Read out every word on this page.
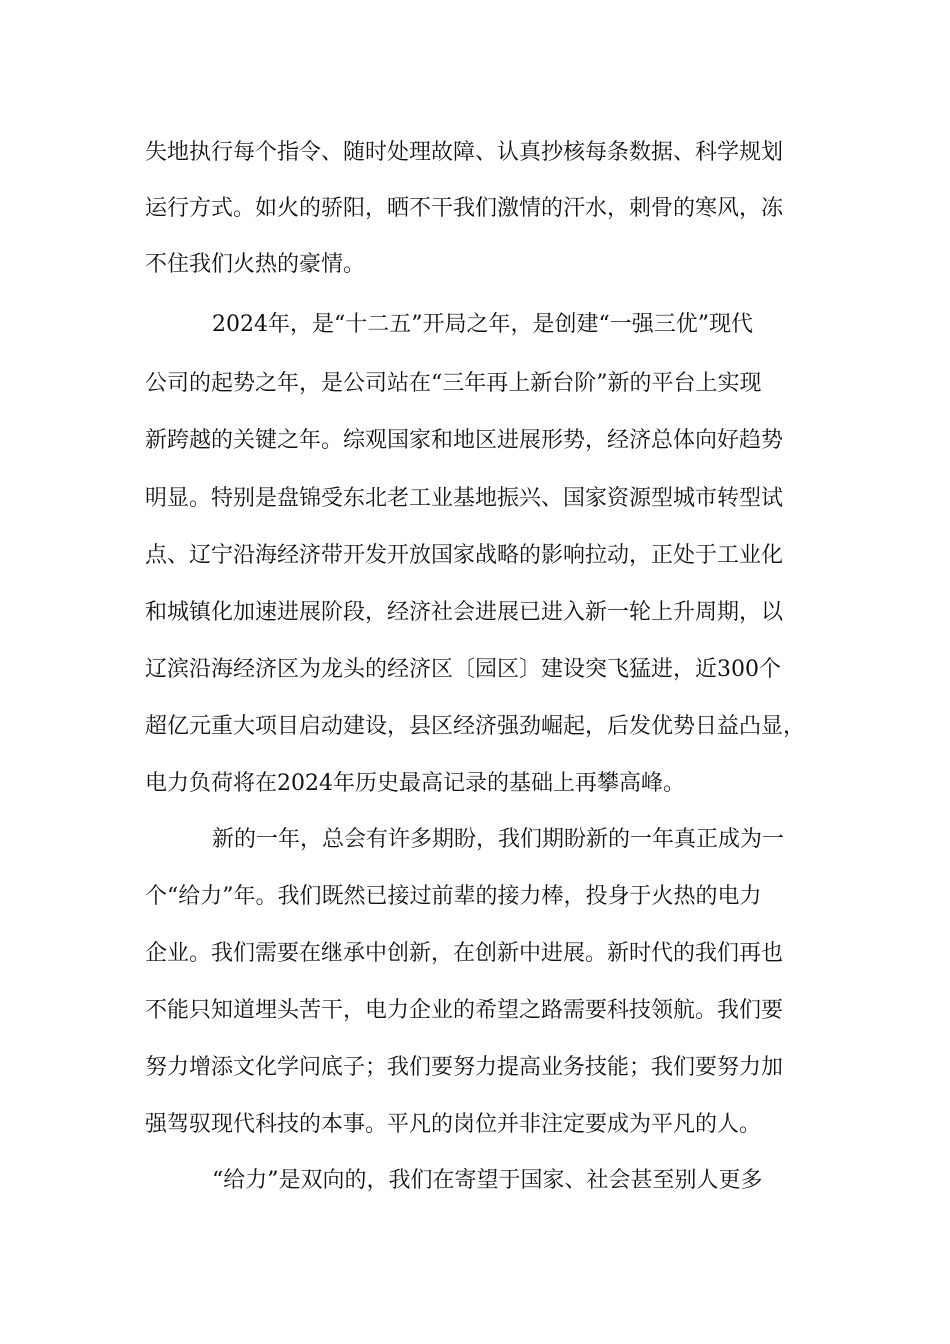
失地执行每个指令、随时处理故障、认真抄核每条数据、科学规划
运行方式。如火的骄阳，晒不干我们激情的汗水，刺骨的寒风，冻
不住我们火热的豪情。
2024年，是“十二五”开局之年，是创建“一强三优”现代
公司的起势之年，是公司站在“三年再上新台阶”新的平台上实现
新跨越的关键之年。综观国家和地区进展形势，经济总体向好趋势
明显。特别是盘锦受东北老工业基地振兴、国家资源型城市转型试
点、辽宁沿海经济带开发开放国家战略的影响拉动，正处于工业化
和城镇化加速进展阶段，经济社会进展已进入新一轮上升周期，以
辽滨沿海经济区为龙头的经济区〔园区〕建设突飞猛进，近300个
超亿元重大项目启动建设，县区经济强劲崛起，后发优势日益凸显，
电力负荷将在2024年历史最高记录的基础上再攀高峰。
新的一年，总会有许多期盼，我们期盼新的一年真正成为一
个“给力”年。我们既然已接过前辈的接力棒，投身于火热的电力
企业。我们需要在继承中创新，在创新中进展。新时代的我们再也
不能只知道埋头苦干，电力企业的希望之路需要科技领航。我们要
努力增添文化学问底子；我们要努力提高业务技能；我们要努力加
强驾驭现代科技的本事。平凡的岗位并非注定要成为平凡的人。
“给力”是双向的，我们在寄望于国家、社会甚至别人更多
